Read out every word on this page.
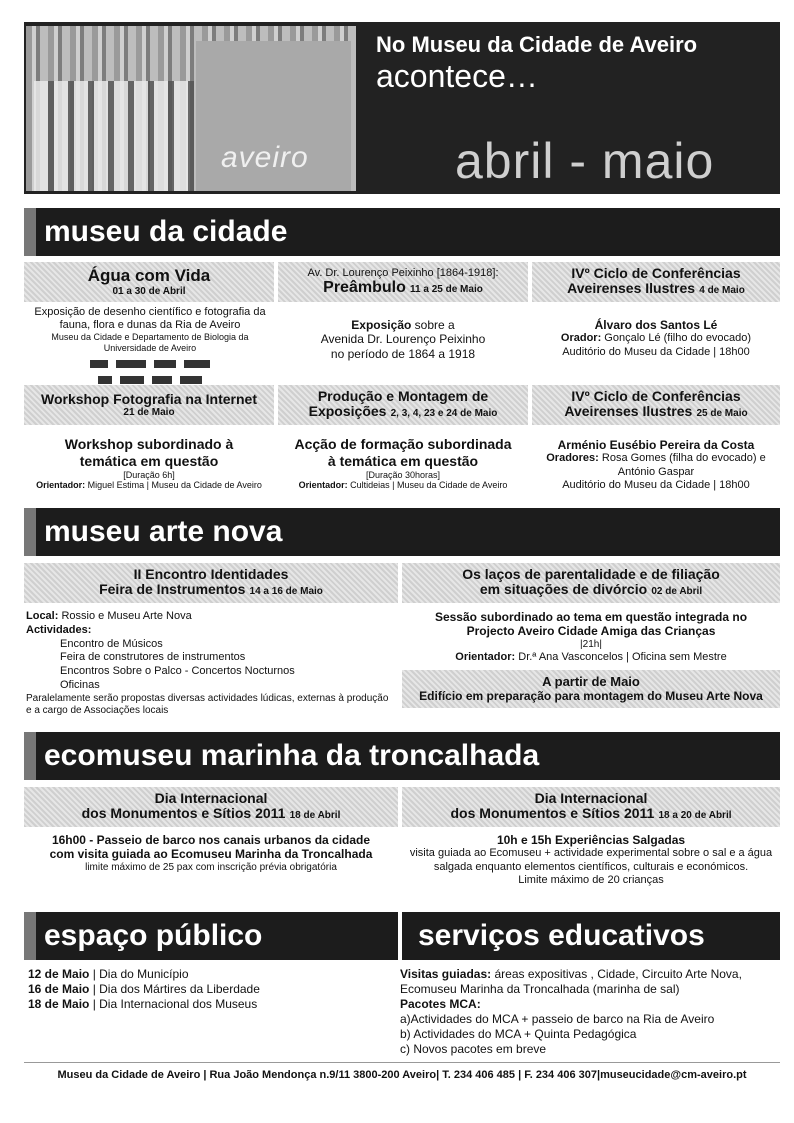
aveiro
No Museu da Cidade de Aveiro
acontece…
abril - maio
museu da cidade
Água com Vida
01 a 30 de Abril
Av. Dr. Lourenço Peixinho [1864-1918]:
Preâmbulo 11 a 25 de Maio
IVº Ciclo de Conferências
Aveirenses Ilustres 4 de Maio
Exposição de desenho científico e fotografia da fauna, flora e dunas da Ria de Aveiro
Museu da Cidade e Departamento de Biologia da Universidade de Aveiro
Exposição sobre a
Avenida Dr. Lourenço Peixinho
no período de 1864 a 1918
Álvaro dos Santos Lé
Orador: Gonçalo Lé (filho do evocado)
Auditório do Museu da Cidade | 18h00
Workshop Fotografia na Internet
21 de Maio
Produção e Montagem de
Exposições 2, 3, 4, 23 e 24 de Maio
IVº Ciclo de Conferências
Aveirenses Ilustres 25 de Maio
Workshop subordinado à
temática em questão
[Duração 6h]
Orientador: Miguel Estima | Museu da Cidade de Aveiro
Acção de formação subordinada
à temática em questão
[Duração 30horas]
Orientador: Cultideias | Museu da Cidade de Aveiro
Arménio Eusébio Pereira da Costa
Oradores: Rosa Gomes (filha do evocado) e
António Gaspar
Auditório do Museu da Cidade | 18h00
museu arte nova
II Encontro Identidades
Feira de Instrumentos 14 a 16 de Maio
Os laços de parentalidade e de filiação
em situações de divórcio 02 de Abril
Local: Rossio e Museu Arte Nova
Actividades:
Encontro de Músicos
Feira de construtores de instrumentos
Encontros Sobre o Palco - Concertos Nocturnos
Oficinas
Paralelamente serão propostas diversas actividades lúdicas, externas à produção e a cargo de Associações locais
Sessão subordinado ao tema em questão integrada no
Projecto Aveiro Cidade Amiga das Crianças
|21h|
Orientador: Dr.ª Ana Vasconcelos | Oficina sem Mestre
A partir de Maio
Edifício em preparação para montagem do Museu Arte Nova
ecomuseu marinha da troncalhada
Dia Internacional
dos Monumentos e Sítios 2011 18 de Abril
Dia Internacional
dos Monumentos e Sítios 2011 18 a 20 de Abril
16h00 - Passeio de barco nos canais urbanos da cidade
com visita guiada ao Ecomuseu Marinha da Troncalhada
limite máximo de 25 pax com inscrição prévia obrigatória
10h e 15h Experiências Salgadas
visita guiada ao Ecomuseu + actividade experimental sobre o sal e a água salgada enquanto elementos científicos, culturais e económicos.
Limite máximo de 20 crianças
espaço público	serviços educativos
12 de Maio | Dia do Município
16 de Maio | Dia dos Mártires da Liberdade
18 de Maio | Dia Internacional dos Museus
Visitas guiadas: áreas expositivas , Cidade, Circuito Arte Nova, Ecomuseu Marinha da Troncalhada (marinha de sal)
Pacotes MCA:
a)Actividades do MCA + passeio de barco na Ria de Aveiro
b) Actividades do MCA + Quinta Pedagógica
c) Novos pacotes em breve
Museu da Cidade de Aveiro | Rua João Mendonça n.9/11 3800-200 Aveiro| T. 234 406 485 | F. 234 406 307|museucidade@cm-aveiro.pt
